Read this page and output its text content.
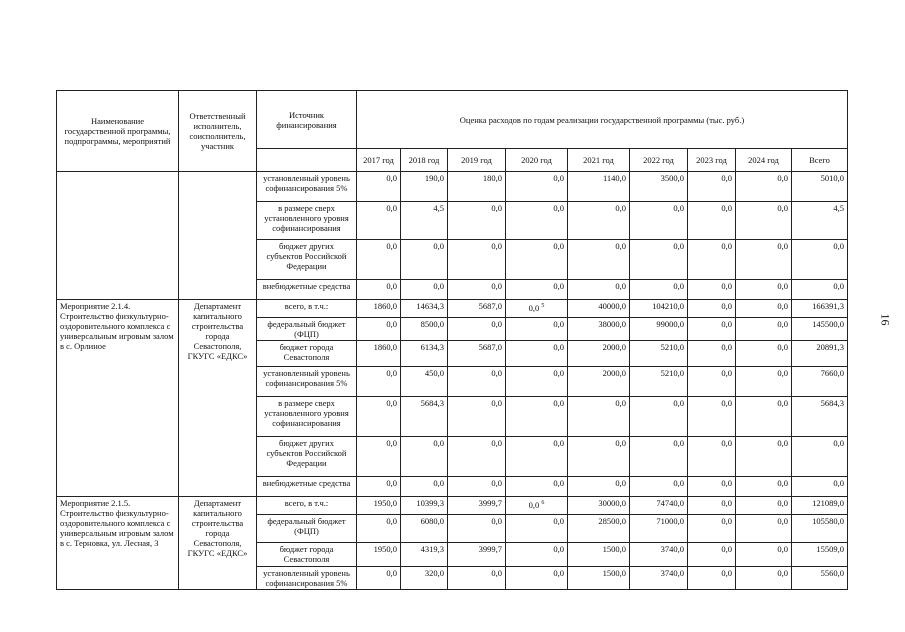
16
Наименование государственной программы, подпрограммы, мероприятий	Ответственный исполнитель, соисполнитель, участник	Источник финансирования	Оценка расходов по годам реализации государственной программы (тыс. руб.)								
			2017 год	2018 год	2019 год	2020 год	2021 год	2022 год	2023 год	2024 год	Всего
		установленный уровень софинансирования 5%	0,0	190,0	180,0	0,0	1140,0	3500,0	0,0	0,0	5010,0
		в размере сверх установленного уровня софинансирования	0,0	4,5	0,0	0,0	0,0	0,0	0,0	0,0	4,5
		бюджет других субъектов Российской Федерации	0,0	0,0	0,0	0,0	0,0	0,0	0,0	0,0	0,0
		внебюджетные средства	0,0	0,0	0,0	0,0	0,0	0,0	0,0	0,0	0,0
Мероприятие 2.1.4. Строительство физкультурно-оздоровительного комплекса с универсальным игровым залом в с. Орлиное	Департамент капитального строительства города Севастополя, ГКУГС «ЕДКС»	всего, в т.ч.:	1860,0	14634,3	5687,0	0,0 $^5$	40000,0	104210,0	0,0	0,0	166391,3
		федеральный бюджет (ФЦП)	0,0	8500,0	0,0	0,0	38000,0	99000,0	0,0	0,0	145500,0
		бюджет города Севастополя	1860,0	6134,3	5687,0	0,0	2000,0	5210,0	0,0	0,0	20891,3
		установленный уровень софинансирования 5%	0,0	450,0	0,0	0,0	2000,0	5210,0	0,0	0,0	7660,0
		в размере сверх установленного уровня софинансирования	0,0	5684,3	0,0	0,0	0,0	0,0	0,0	0,0	5684,3
		бюджет других субъектов Российской Федерации	0,0	0,0	0,0	0,0	0,0	0,0	0,0	0,0	0,0
		внебюджетные средства	0,0	0,0	0,0	0,0	0,0	0,0	0,0	0,0	0,0
Мероприятие 2.1.5. Строительство физкультурно-оздоровительного комплекса с универсальным игровым залом в с. Терновка, ул. Лесная, 3	Департамент капитального строительства города Севастополя, ГКУГС «ЕДКС»	всего, в т.ч.:	1950,0	10399,3	3999,7	0,0 $^6$	30000,0	74740,0	0,0	0,0	121089,0
		федеральный бюджет (ФЦП)	0,0	6080,0	0,0	0,0	28500,0	71000,0	0,0	0,0	105580,0
		бюджет города Севастополя	1950,0	4319,3	3999,7	0,0	1500,0	3740,0	0,0	0,0	15509,0
		установленный уровень софинансирования 5%	0,0	320,0	0,0	0,0	1500,0	3740,0	0,0	0,0	5560,0
